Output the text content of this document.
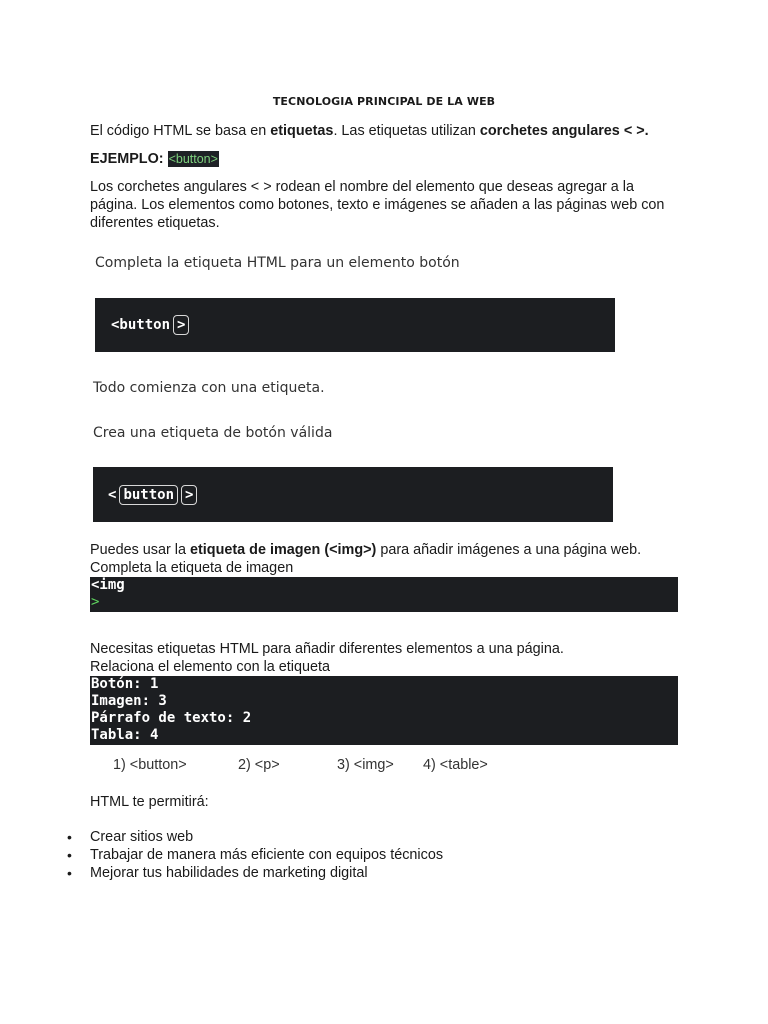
TECNOLOGIA PRINCIPAL DE LA WEB
El código HTML se basa en etiquetas. Las etiquetas utilizan corchetes angulares < >.
EJEMPLO: <button>
Los corchetes angulares < > rodean el nombre del elemento que deseas agregar a la página. Los elementos como botones, texto e imágenes se añaden a las páginas web con diferentes etiquetas.
Completa la etiqueta HTML para un elemento botón
<button >
Todo comienza con una etiqueta.
Crea una etiqueta de botón válida
< button >
Puedes usar la etiqueta de imagen (<img>) para añadir imágenes a una página web.
Completa la etiqueta de imagen
<img
>
Necesitas etiquetas HTML para añadir diferentes elementos a una página.
Relaciona el elemento con la etiqueta
Botón: 1
Imagen: 3
Párrafo de texto: 2
Tabla: 4
1) <button>	2) <p>	3) <img> 4) <table>
HTML te permitirá:
• Crear sitios web
• Trabajar de manera más eficiente con equipos técnicos
• Mejorar tus habilidades de marketing digital
